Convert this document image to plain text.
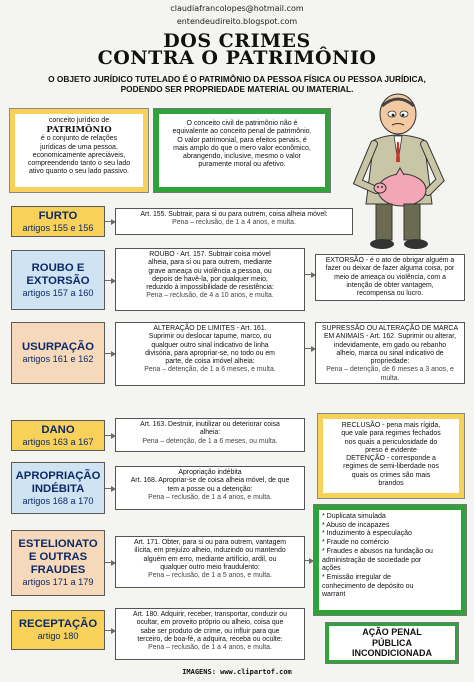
claudiafrancolopes@hotmail.com
entendeudireito.blogspot.com
DOS CRIMES
CONTRA O PATRIMÔNIO
O OBJETO JURÍDICO TUTELADO É O PATRIMÔNIO DA PESSOA FÍSICA OU PESSOA JURÍDICA,
PODENDO SER PROPRIEDADE MATERIAL OU IMATERIAL.
conceito jurídico de
PATRIMÔNIO
é o conjunto de relações
jurídicas de uma pessoa,
economicamente apreciáveis,
compreendendo tanto o seu lado
ativo quanto o seu lado passivo.
O conceito civil de patrimônio não é
equivalente ao conceito penal de patrimônio.
O valor patrimonial, para efeitos penais, é
mais amplo do que o mero valor econômico,
abrangendo, inclusive, mesmo o valor
puramente moral ou afetivo.
FURTO
artigos 155 e 156
Art. 155. Subtrair, para si ou para outrem, coisa alheia móvel:
Pena – reclusão, de 1 a 4 anos, e multa.
ROUBO E
EXTORSÃO
artigos 157 a 160
ROUBO - Art. 157. Subtrair coisa móvel
alheia, para si ou para outrem, mediante
grave ameaça ou violência a pessoa, ou
depois de havê-la, por qualquer meio,
reduzido à impossibilidade de resistência:
Pena – reclusão, de 4 a 10 anos, e multa.
EXTORSÃO - é o ato de obrigar alguém a
fazer ou deixar de fazer alguma coisa, por
meio de ameaça ou violência, com a
intenção de obter vantagem,
recompensa ou lucro.
USURPAÇÃO
artigos 161 e 162
ALTERAÇÃO DE LIMITES - Art. 161.
Suprimir ou deslocar tapume, marco, ou
qualquer outro sinal indicativo de linha
divisória, para apropriar-se, no todo ou em
parte, de coisa imóvel alheia:
Pena – detenção, de 1 a 6 meses, e multa.
SUPRESSÃO OU ALTERAÇÃO DE MARCA
EM ANIMAIS - Art. 162. Suprimir ou alterar,
indevidamente, em gado ou rebanho
alheio, marca ou sinal indicativo de
propriedade:
Pena – detenção, de 6 meses a 3 anos, e multa.
DANO
artigos 163 a 167
Art. 163. Destruir, inutilizar ou deteriorar coisa
alheia:
Pena – detenção, de 1 a 6 meses, ou multa.
RECLUSÃO - pena mais rígida,
que vale para regimes fechados
nos quais a periculosidade do
preso é evidente
DETENÇÃO - corresponde a
regimes de semi-liberdade nos
quais os crimes são mais
brandos
APROPRIAÇÃO
INDÉBITA
artigos 168 a 170
Apropriação indébita
Art. 168. Apropriar-se de coisa alheia móvel, de que
tem a posse ou a detenção:
Pena – reclusão, de 1 a 4 anos, e multa.
ESTELIONATO
E OUTRAS
FRAUDES
artigos 171 a 179
Art. 171. Obter, para si ou para outrem, vantagem
ilícita, em prejuízo alheio, induzindo ou mantendo
alguém em erro, mediante artifício, ardil, ou
qualquer outro meio fraudulento:
Pena – reclusão, de 1 a 5 anos, e multa.
* Duplicata simulada
* Abuso de incapazes
* Induzimento à especulação
* Fraude no comércio
* Fraudes e abusos na fundação ou
administração de sociedade por
ações
* Emissão irregular de
conhecimento de depósito ou
warrant
RECEPTAÇÃO
artigo 180
Art. 180. Adquirir, receber, transportar, conduzir ou
ocultar, em proveito próprio ou alheio, coisa que
sabe ser produto de crime, ou influir para que
terceiro, de boa-fé, a adquira, receba ou oculte:
Pena – reclusão, de 1 a 4 anos, e multa.
AÇÃO PENAL
PÚBLICA
INCONDICIONADA
IMAGENS: www.clipartof.com
